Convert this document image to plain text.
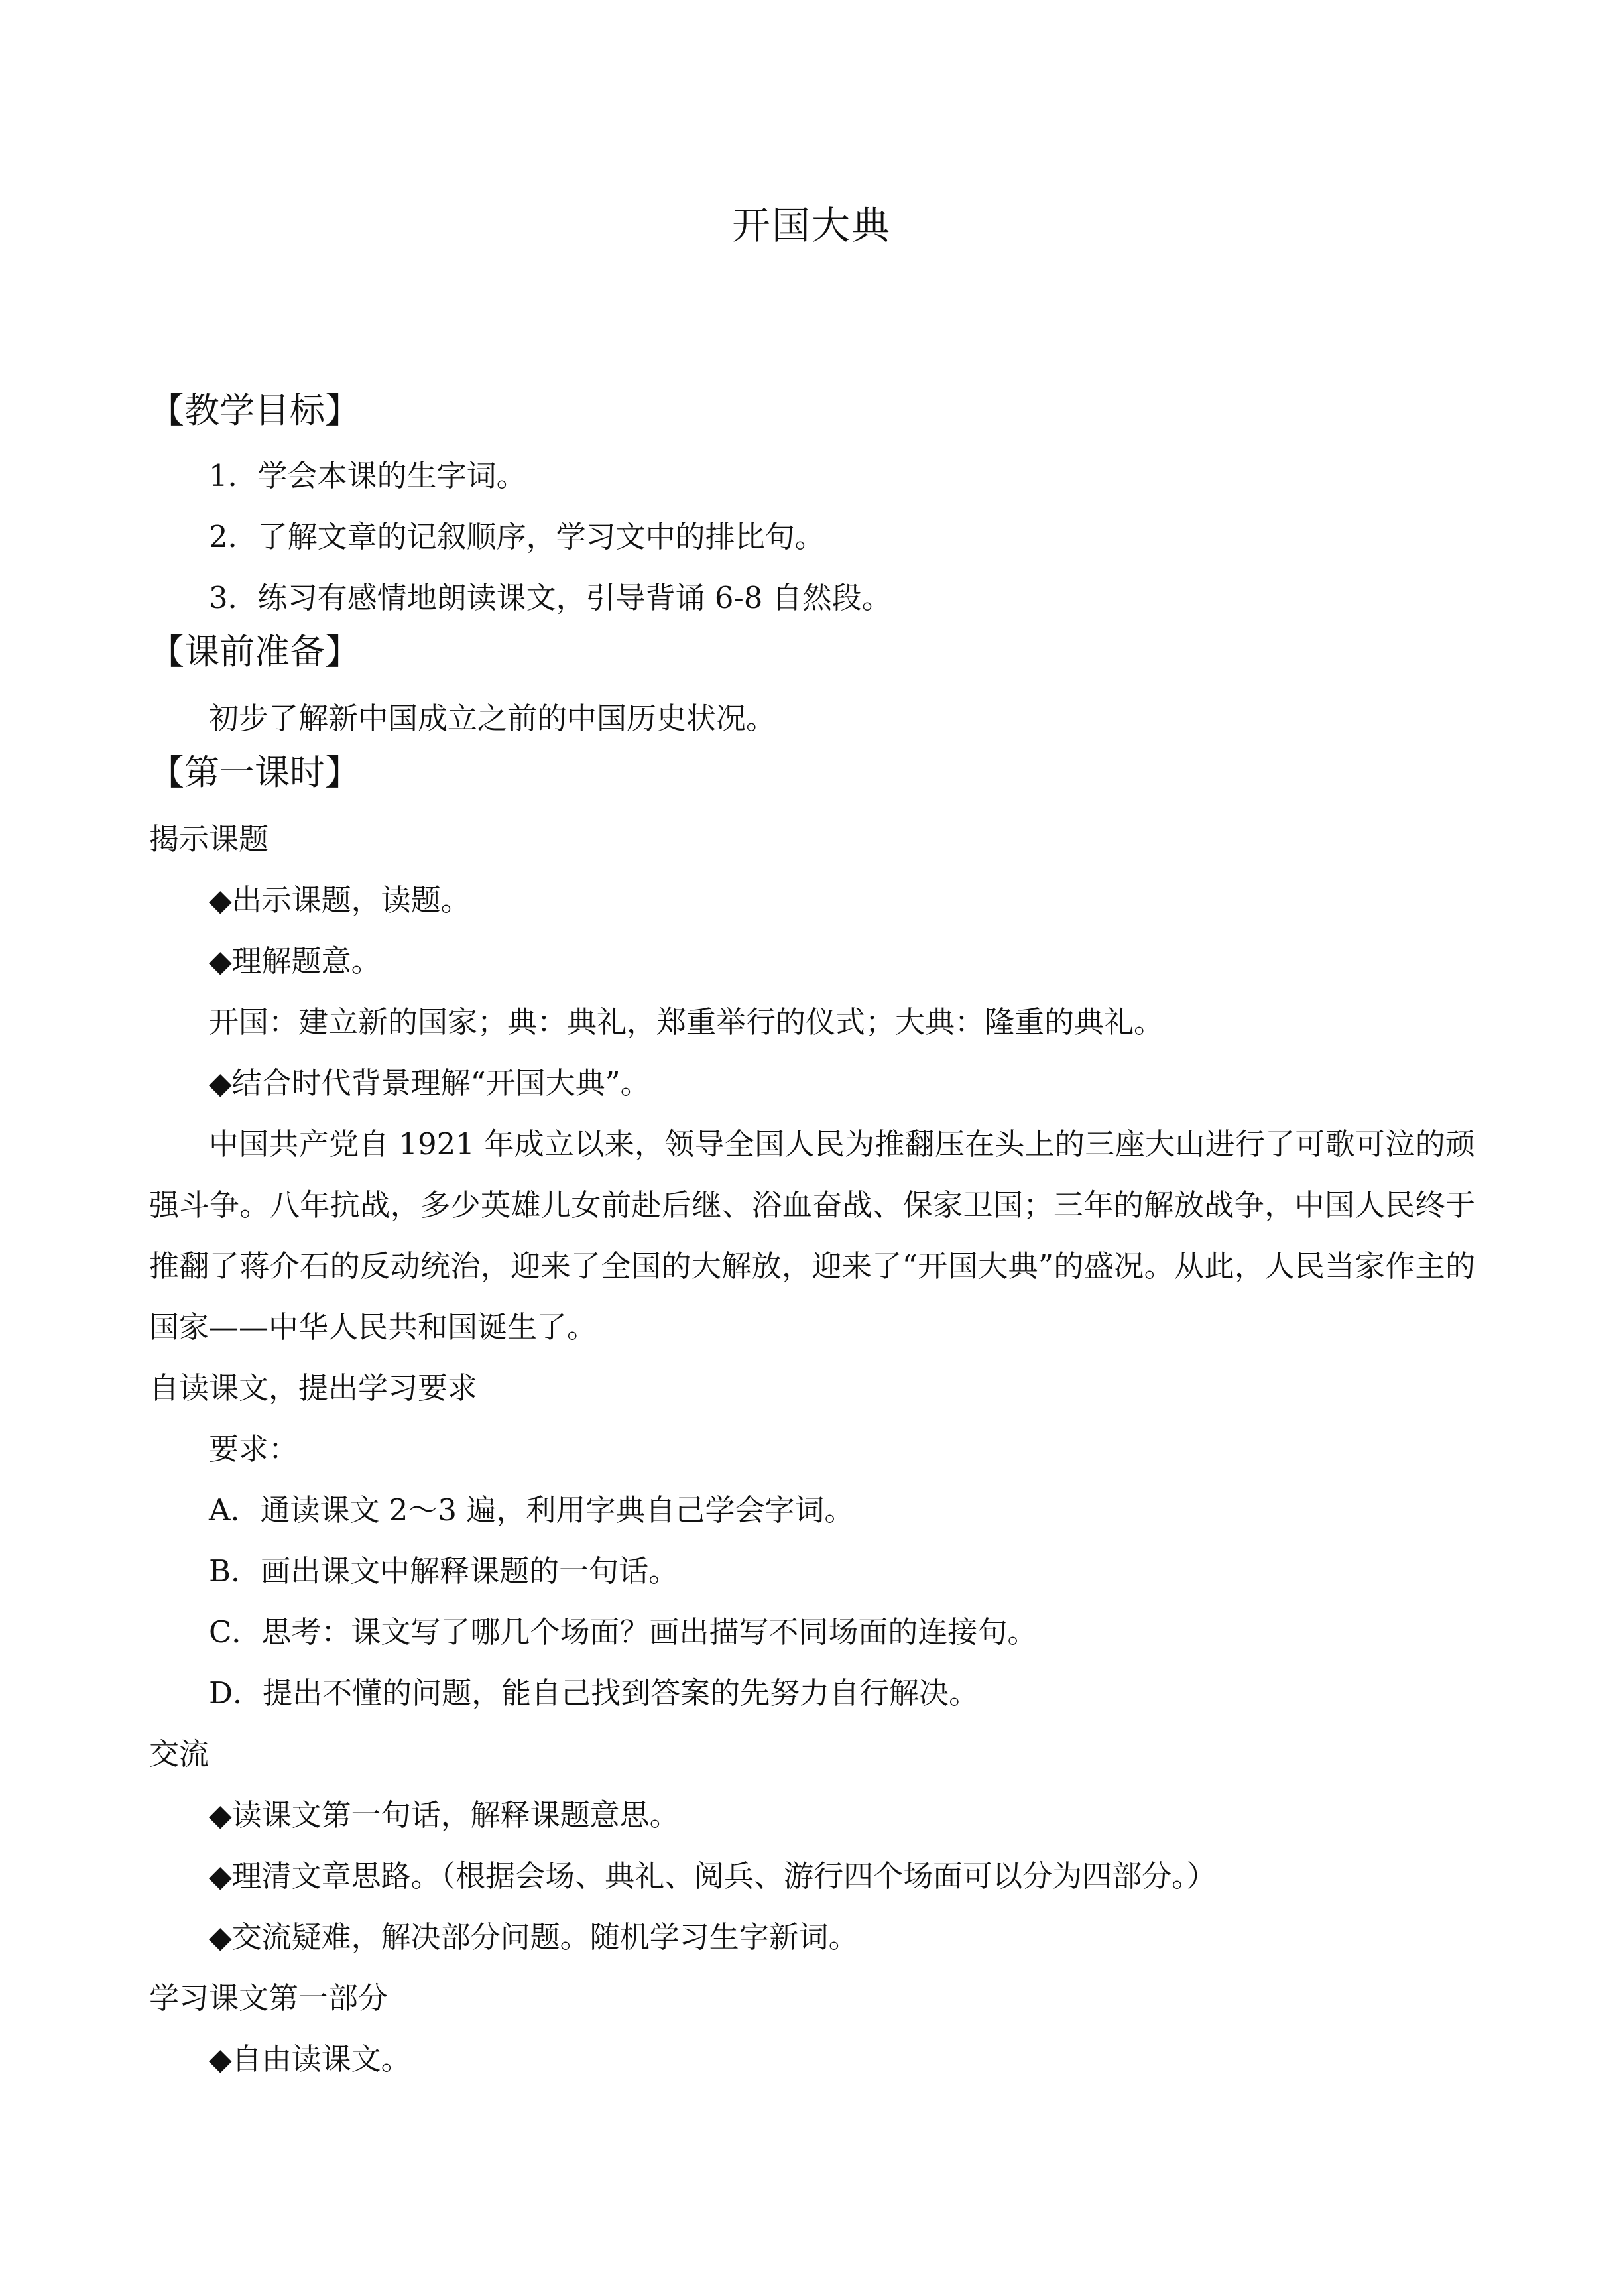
开国大典
【教学目标】
1．学会本课的生字词。
2．了解文章的记叙顺序，学习文中的排比句。
3．练习有感情地朗读课文，引导背诵 6-8 自然段。
【课前准备】
初步了解新中国成立之前的中国历史状况。
【第一课时】
揭示课题
◆出示课题，读题。
◆理解题意。
开国：建立新的国家；典：典礼，郑重举行的仪式；大典：隆重的典礼。
◆结合时代背景理解“开国大典”。
中国共产党自 1921 年成立以来，领导全国人民为推翻压在头上的三座大山进行了可歌可泣的顽强斗争。八年抗战，多少英雄儿女前赴后继、浴血奋战、保家卫国；三年的解放战争，中国人民终于推翻了蒋介石的反动统治，迎来了全国的大解放，迎来了“开国大典”的盛况。从此，人民当家作主的国家——中华人民共和国诞生了。
自读课文，提出学习要求
要求：
A．通读课文 2～3 遍，利用字典自己学会字词。
B．画出课文中解释课题的一句话。
C．思考：课文写了哪几个场面？画出描写不同场面的连接句。
D．提出不懂的问题，能自己找到答案的先努力自行解决。
交流
◆读课文第一句话，解释课题意思。
◆理清文章思路。（根据会场、典礼、阅兵、游行四个场面可以分为四部分。）
◆交流疑难，解决部分问题。随机学习生字新词。
学习课文第一部分
◆自由读课文。
